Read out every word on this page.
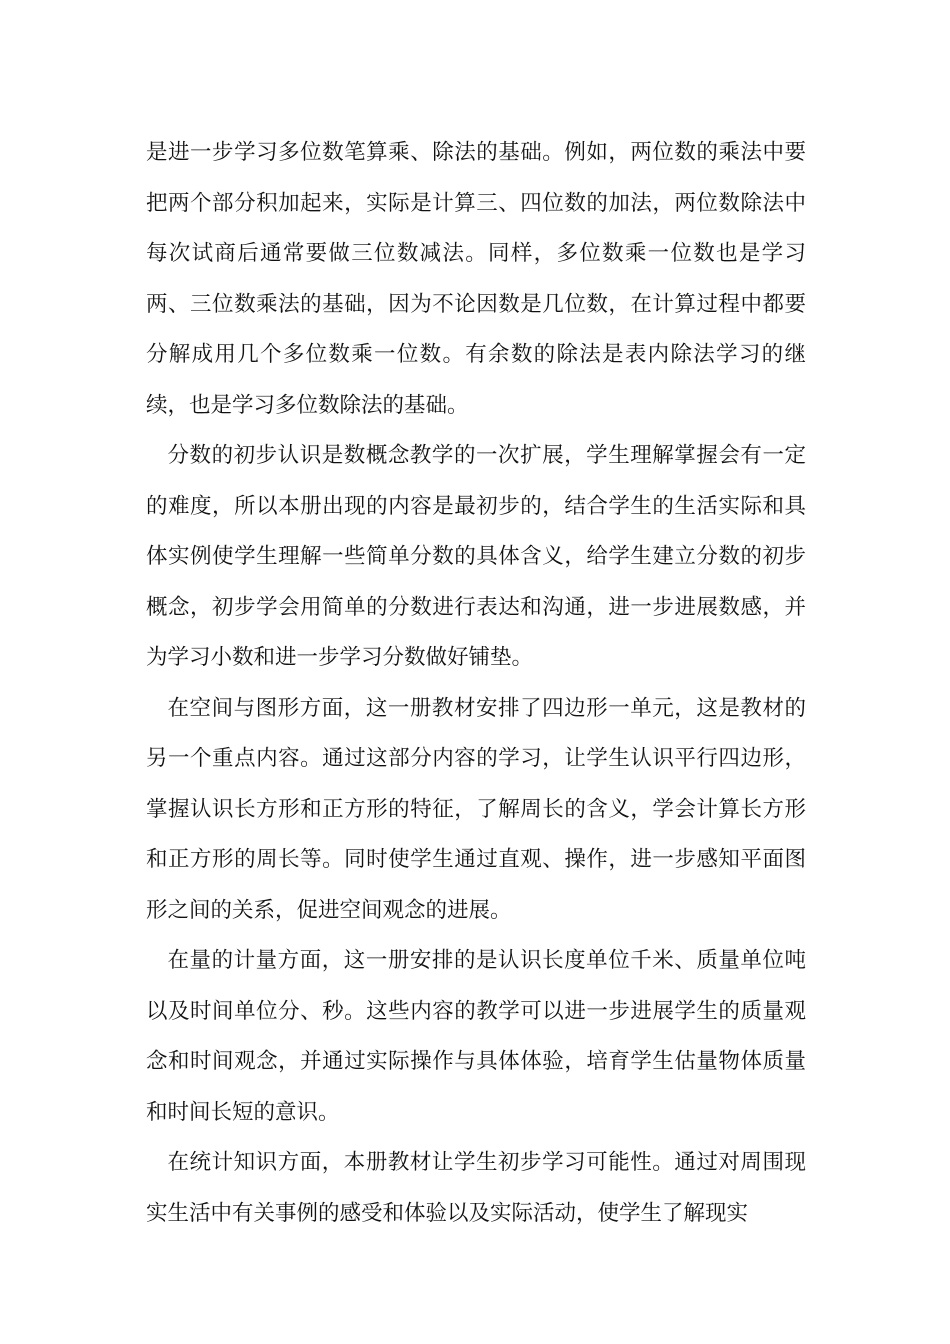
是进一步学习多位数笔算乘、除法的基础。例如，两位数的乘法中要把两个部分积加起来，实际是计算三、四位数的加法，两位数除法中每次试商后通常要做三位数减法。同样，多位数乘一位数也是学习两、三位数乘法的基础，因为不论因数是几位数，在计算过程中都要分解成用几个多位数乘一位数。有余数的除法是表内除法学习的继续，也是学习多位数除法的基础。

分数的初步认识是数概念教学的一次扩展，学生理解掌握会有一定的难度，所以本册出现的内容是最初步的，结合学生的生活实际和具体实例使学生理解一些简单分数的具体含义，给学生建立分数的初步概念，初步学会用简单的分数进行表达和沟通，进一步进展数感，并为学习小数和进一步学习分数做好铺垫。

在空间与图形方面，这一册教材安排了四边形一单元，这是教材的另一个重点内容。通过这部分内容的学习，让学生认识平行四边形，掌握认识长方形和正方形的特征，了解周长的含义，学会计算长方形和正方形的周长等。同时使学生通过直观、操作，进一步感知平面图形之间的关系，促进空间观念的进展。

在量的计量方面，这一册安排的是认识长度单位千米、质量单位吨以及时间单位分、秒。这些内容的教学可以进一步进展学生的质量观念和时间观念，并通过实际操作与具体体验，培育学生估量物体质量和时间长短的意识。

在统计知识方面，本册教材让学生初步学习可能性。通过对周围现实生活中有关事例的感受和体验以及实际活动，使学生了解现实
